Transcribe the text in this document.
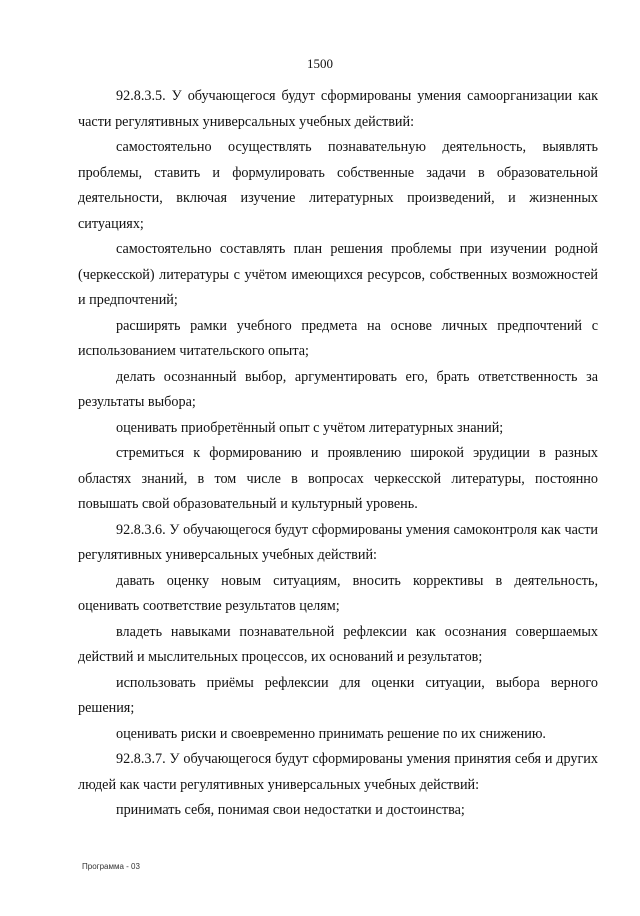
1500

92.8.3.5. У обучающегося будут сформированы умения самоорганизации как части регулятивных универсальных учебных действий:

самостоятельно осуществлять познавательную деятельность, выявлять проблемы, ставить и формулировать собственные задачи в образовательной деятельности, включая изучение литературных произведений, и жизненных ситуациях;

самостоятельно составлять план решения проблемы при изучении родной (черкесской) литературы с учётом имеющихся ресурсов, собственных возможностей и предпочтений;

расширять рамки учебного предмета на основе личных предпочтений с использованием читательского опыта;

делать осознанный выбор, аргументировать его, брать ответственность за результаты выбора;

оценивать приобретённый опыт с учётом литературных знаний;

стремиться к формированию и проявлению широкой эрудиции в разных областях знаний, в том числе в вопросах черкесской литературы, постоянно повышать свой образовательный и культурный уровень.

92.8.3.6. У обучающегося будут сформированы умения самоконтроля как части регулятивных универсальных учебных действий:

давать оценку новым ситуациям, вносить коррективы в деятельность, оценивать соответствие результатов целям;

владеть навыками познавательной рефлексии как осознания совершаемых действий и мыслительных процессов, их оснований и результатов;

использовать приёмы рефлексии для оценки ситуации, выбора верного решения;

оценивать риски и своевременно принимать решение по их снижению.

92.8.3.7. У обучающегося будут сформированы умения принятия себя и других людей как части регулятивных универсальных учебных действий:

принимать себя, понимая свои недостатки и достоинства;

Программа - 03
